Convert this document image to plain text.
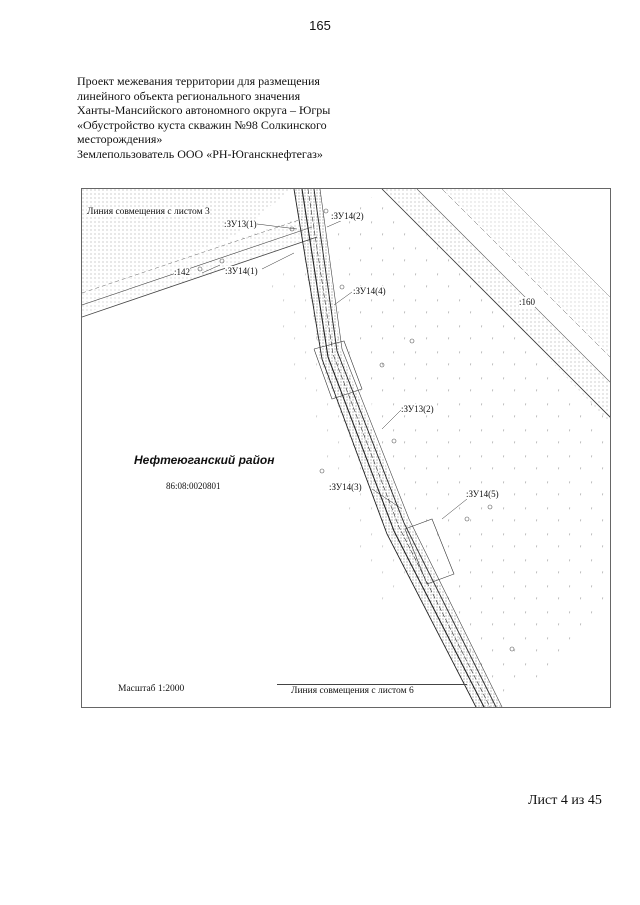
165
Проект межевания территории для размещения
линейного объекта регионального значения
Ханты-Мансийского автономного округа – Югры
«Обустройство куста скважин №98 Солкинского
месторождения»
Землепользователь ООО «РН-Юганскнефтегаз»
Линия совмещения с листом 3
:ЗУ13(1)
:ЗУ14(2)
:142	:ЗУ14(1)
:ЗУ14(4)
:160
:ЗУ13(2)
:ЗУ14(3)
:ЗУ14(5)
Нефтеюганский район
86:08:0020801
Масштаб 1:2000	Линия совмещения с листом 6
Лист 4 из 45
